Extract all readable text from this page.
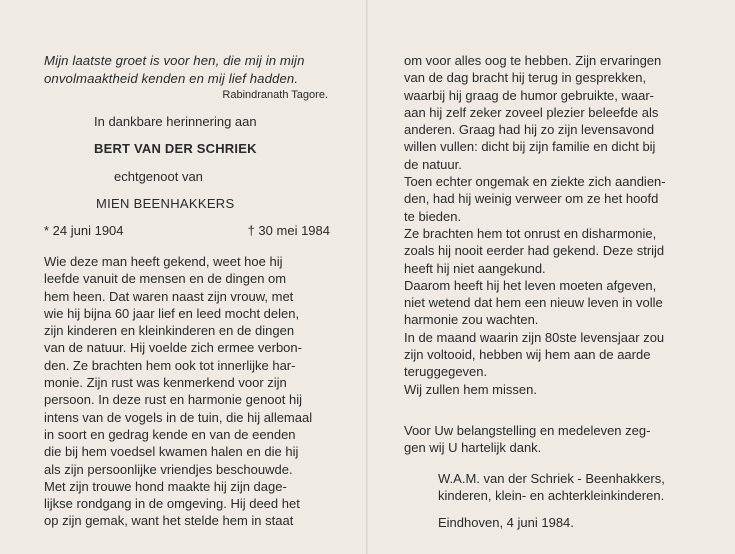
Mijn laatste groet is voor hen, die mij in mijn
onvolmaaktheid kenden en mij lief hadden.
Rabindranath Tagore.
In dankbare herinnering aan
BERT VAN DER SCHRIEK
echtgenoot van
MIEN BEENHAKKERS
* 24 juni 1904	† 30 mei 1984
Wie deze man heeft gekend, weet hoe hij
leefde vanuit de mensen en de dingen om
hem heen. Dat waren naast zijn vrouw, met
wie hij bijna 60 jaar lief en leed mocht delen,
zijn kinderen en kleinkinderen en de dingen
van de natuur. Hij voelde zich ermee verbon-
den. Ze brachten hem ook tot innerlijke har-
monie. Zijn rust was kenmerkend voor zijn
persoon. In deze rust en harmonie genoot hij
intens van de vogels in de tuin, die hij allemaal
in soort en gedrag kende en van de eenden
die bij hem voedsel kwamen halen en die hij
als zijn persoonlijke vriendjes beschouwde.
Met zijn trouwe hond maakte hij zijn dage-
lijkse rondgang in de omgeving. Hij deed het
op zijn gemak, want het stelde hem in staat
om voor alles oog te hebben. Zijn ervaringen
van de dag bracht hij terug in gesprekken,
waarbij hij graag de humor gebruikte, waar-
aan hij zelf zeker zoveel plezier beleefde als
anderen. Graag had hij zo zijn levensavond
willen vullen: dicht bij zijn familie en dicht bij
de natuur.
Toen echter ongemak en ziekte zich aandien-
den, had hij weinig verweer om ze het hoofd
te bieden.
Ze brachten hem tot onrust en disharmonie,
zoals hij nooit eerder had gekend. Deze strijd
heeft hij niet aangekund.
Daarom heeft hij het leven moeten afgeven,
niet wetend dat hem een nieuw leven in volle
harmonie zou wachten.
In de maand waarin zijn 80ste levensjaar zou
zijn voltooid, hebben wij hem aan de aarde
teruggegeven.
Wij zullen hem missen.
Voor Uw belangstelling en medeleven zeg-
gen wij U hartelijk dank.
W.A.M. van der Schriek - Beenhakkers,
kinderen, klein- en achterkleinkinderen.
Eindhoven, 4 juni 1984.
